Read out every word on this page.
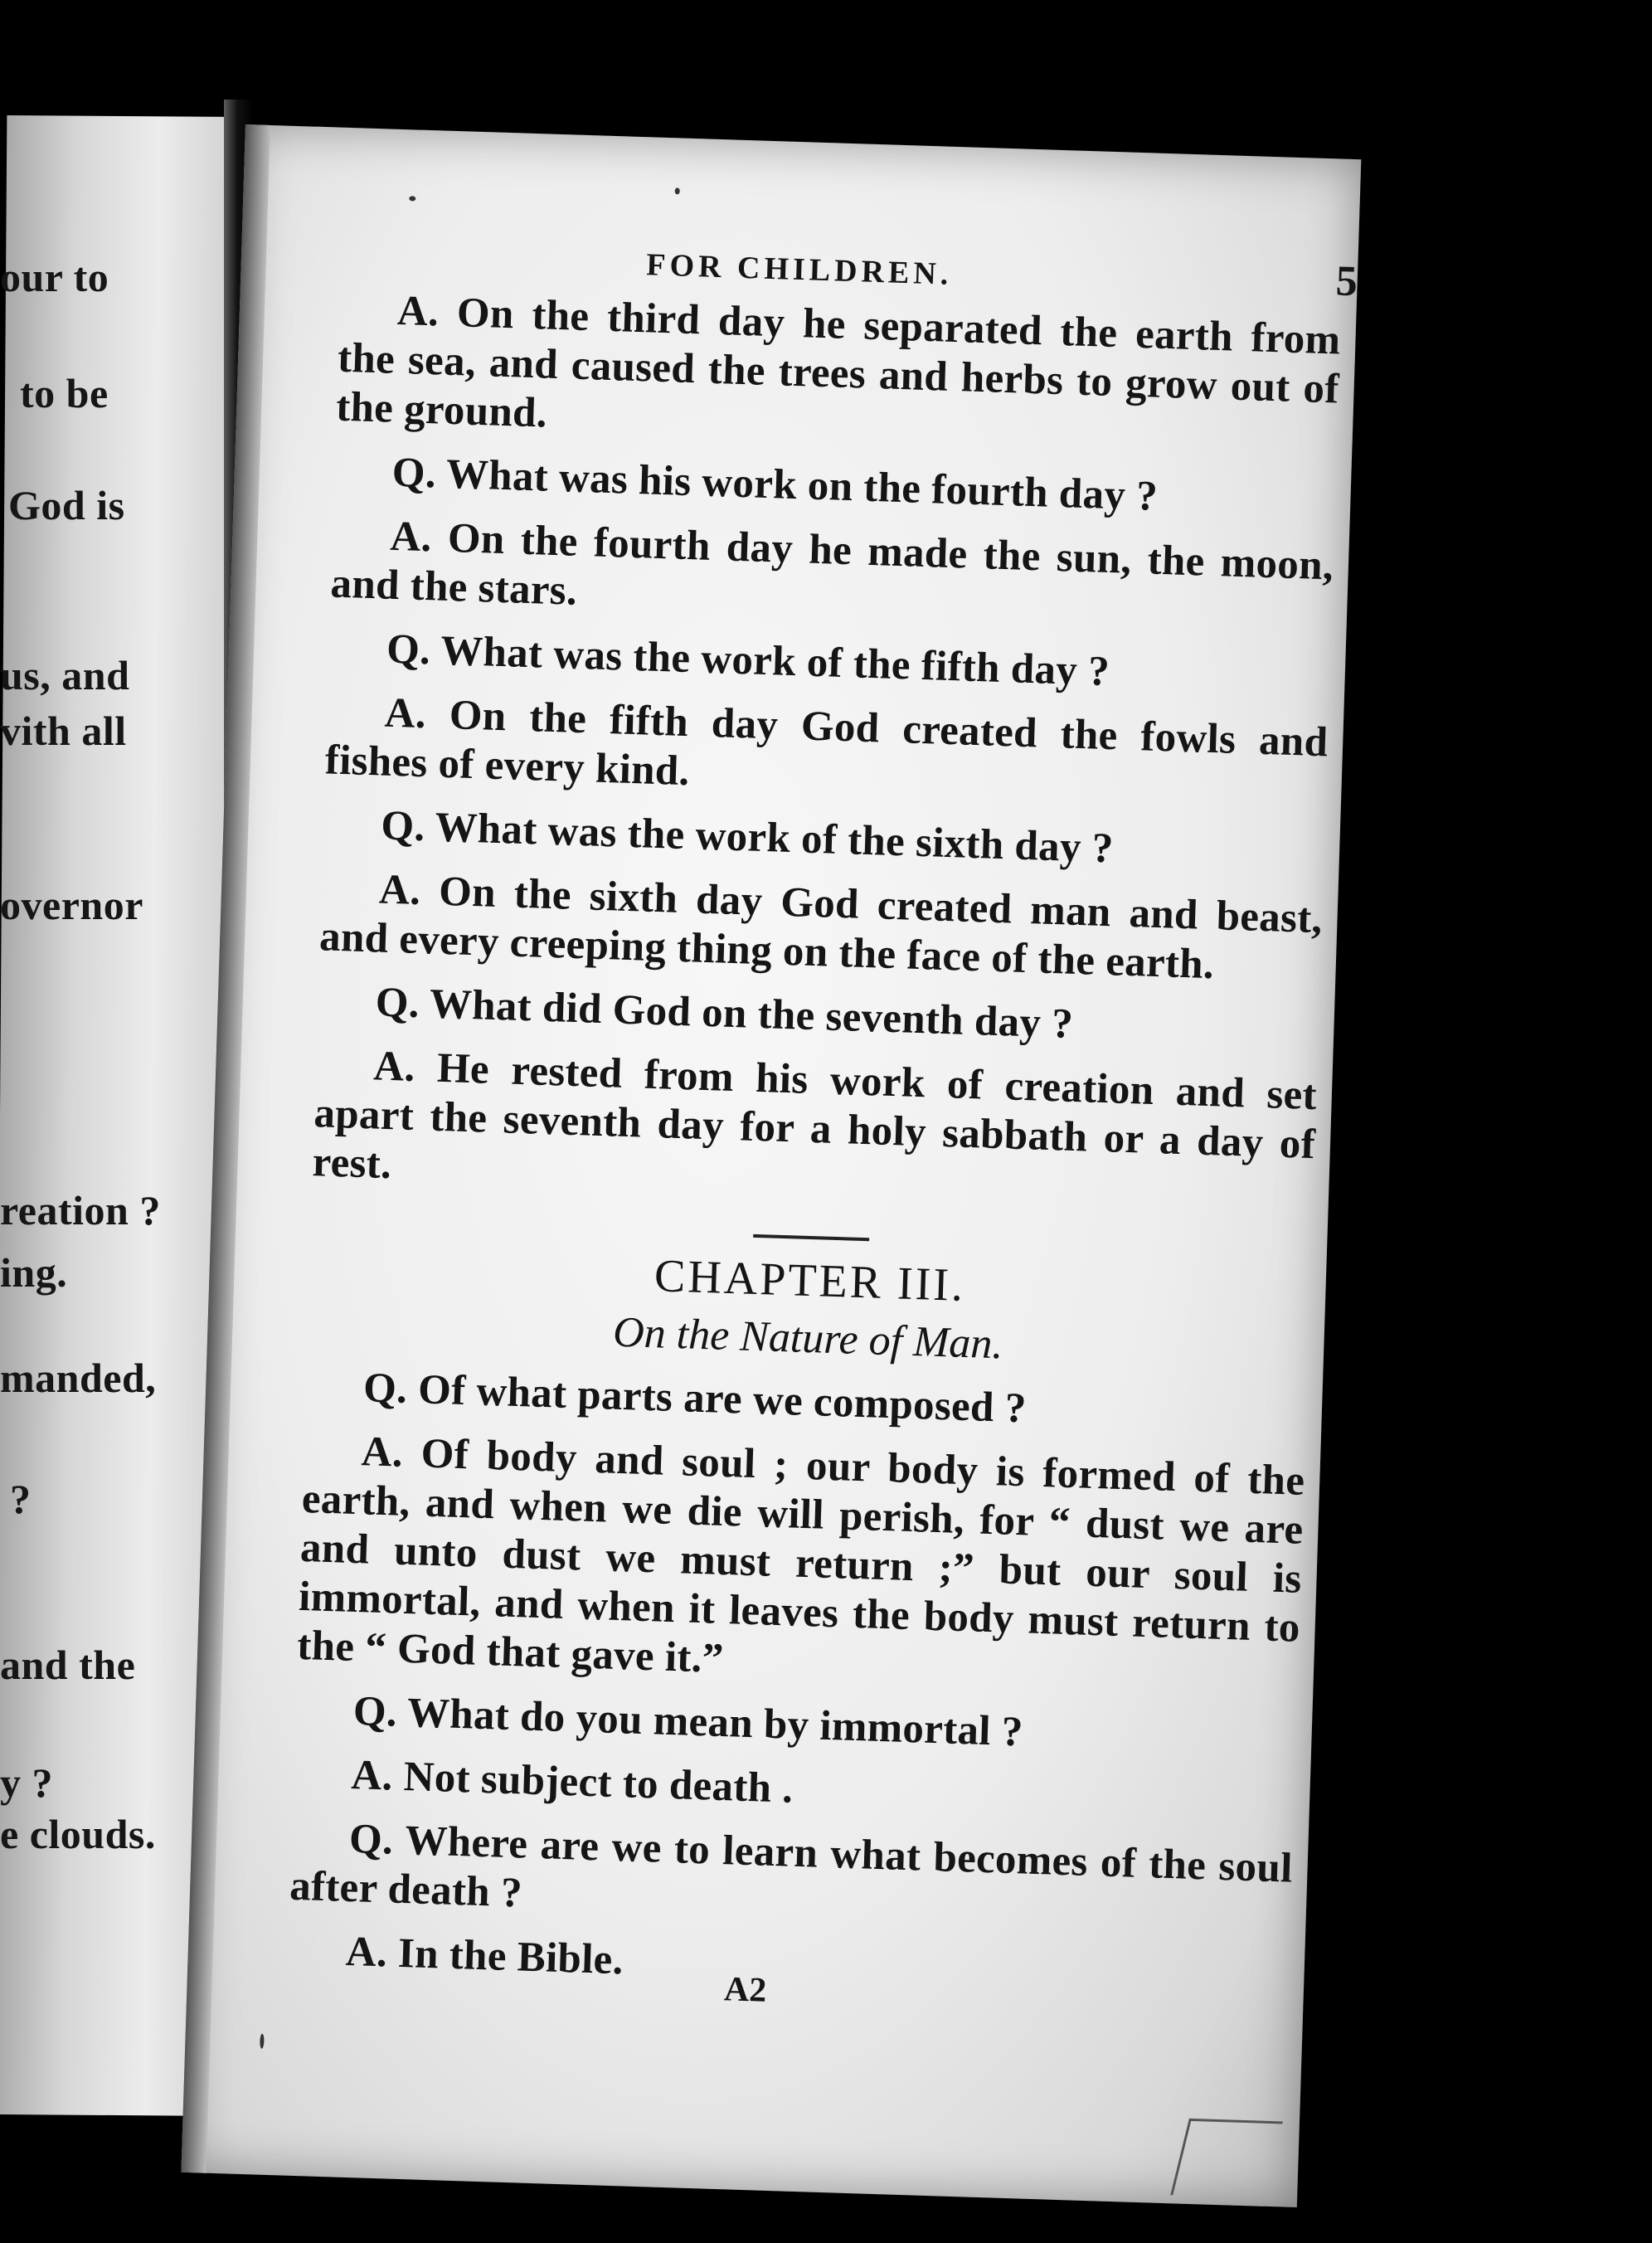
our to
to be
God is
us, and
vith all
overnor
reation ?
ing.
manded,
?
and the
y ?
e clouds.
FOR CHILDREN.	5

A. On the third day he separated the earth from the sea, and caused the trees and herbs to grow out of the ground.

Q. What was his work on the fourth day ?

A. On the fourth day he made the sun, the moon, and the stars.

Q. What was the work of the fifth day ?

A. On the fifth day God created the fowls and fishes of every kind.

Q. What was the work of the sixth day ?

A. On the sixth day God created man and beast, and every creeping thing on the face of the earth.

Q. What did God on the seventh day ?

A. He rested from his work of creation and set apart the seventh day for a holy sabbath or a day of rest.

CHAPTER III.
On the Nature of Man.

Q. Of what parts are we composed ?

A. Of body and soul ; our body is formed of the earth, and when we die will perish, for “ dust we are and unto dust we must return ;” but our soul is immortal, and when it leaves the body must return to the “ God that gave it.”

Q. What do you mean by immortal ?

A. Not subject to death .

Q. Where are we to learn what becomes of the soul after death ?

A. In the Bible.

A2
